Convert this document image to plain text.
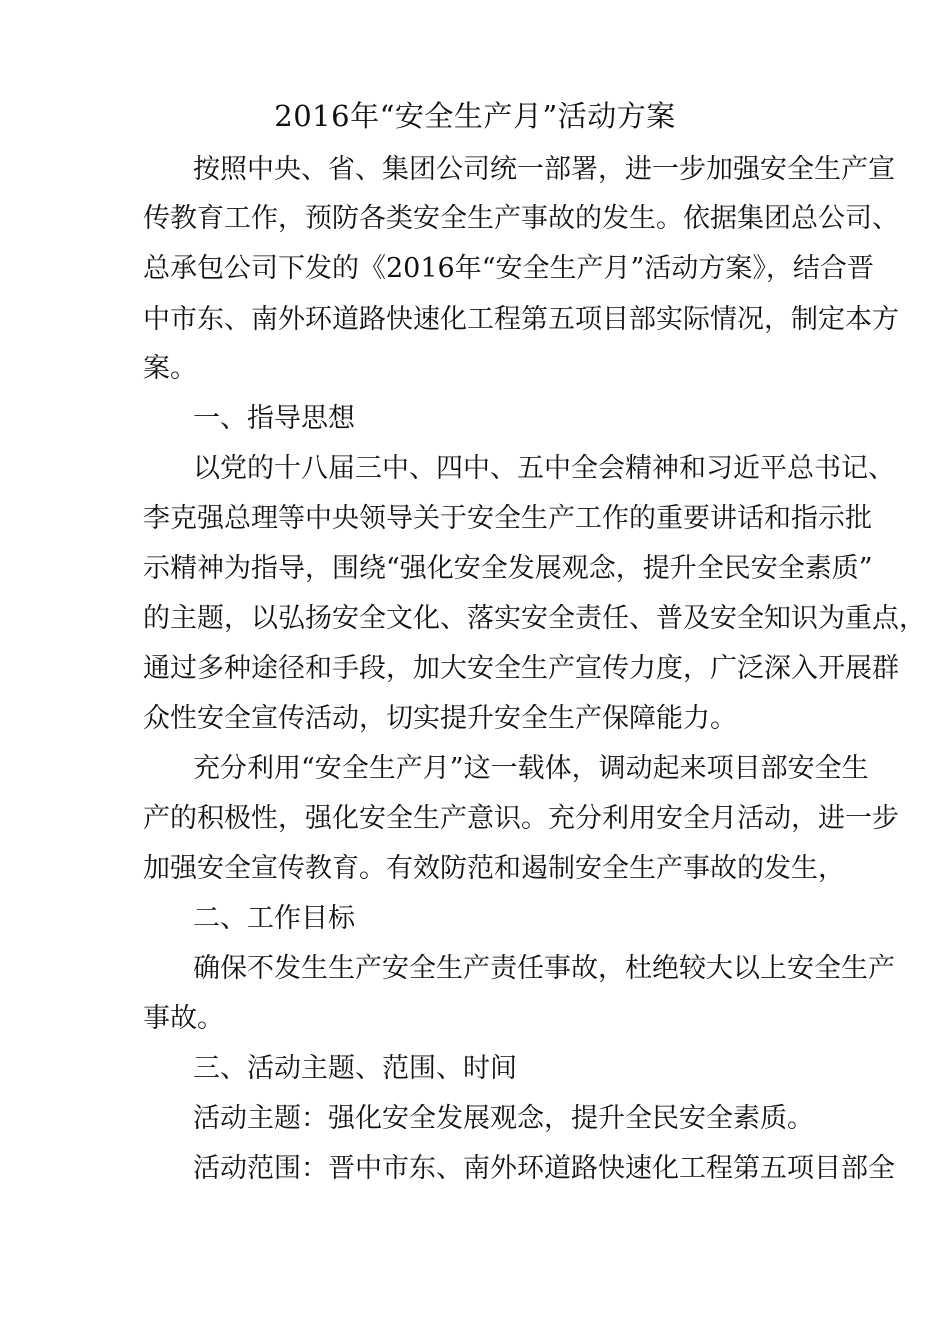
2016年“安全生产月”活动方案
按照中央、省、集团公司统一部署，进一步加强安全生产宣
传教育工作，预防各类安全生产事故的发生。依据集团总公司、
总承包公司下发的《2016年“安全生产月”活动方案》，结合晋
中市东、南外环道路快速化工程第五项目部实际情况，制定本方
案。
一、指导思想
以党的十八届三中、四中、五中全会精神和习近平总书记、
李克强总理等中央领导关于安全生产工作的重要讲话和指示批
示精神为指导，围绕“强化安全发展观念，提升全民安全素质”
的主题，以弘扬安全文化、落实安全责任、普及安全知识为重点，
通过多种途径和手段，加大安全生产宣传力度，广泛深入开展群
众性安全宣传活动，切实提升安全生产保障能力。
充分利用“安全生产月”这一载体，调动起来项目部安全生
产的积极性，强化安全生产意识。充分利用安全月活动，进一步
加强安全宣传教育。有效防范和遏制安全生产事故的发生，
二、工作目标
确保不发生生产安全生产责任事故，杜绝较大以上安全生产
事故。
三、活动主题、范围、时间
活动主题：强化安全发展观念，提升全民安全素质。
活动范围：晋中市东、南外环道路快速化工程第五项目部全
